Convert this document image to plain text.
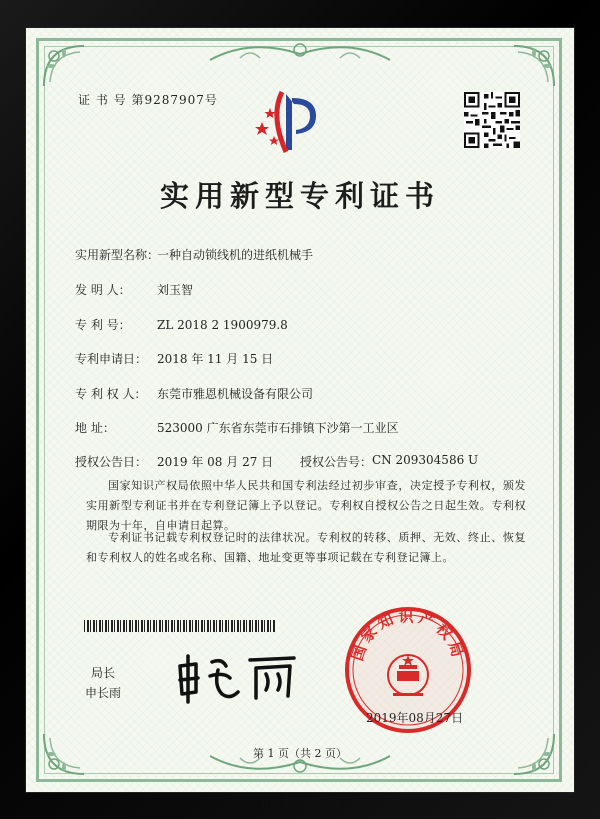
证 书 号 第9287907号
实用新型专利证书
实用新型名称：一种自动锁线机的进纸机械手
发 明 人： 刘玉智
专 利 号： ZL 2018 2 1900979.8
专利申请日： 2018 年 11 月 15 日
专 利 权 人： 东莞市雅恩机械设备有限公司
地 址：	523000 广东省东莞市石排镇下沙第一工业区
授权公告日： 2019 年 08 月 27 日 授权公告号： CN 209304586 U
国家知识产权局依照中华人民共和国专利法经过初步审查，决定授予专利权，颁发实用新型专利证书并在专利登记簿上予以登记。专利权自授权公告之日起生效。专利权期限为十年，自申请日起算。
专利证书记载专利权登记时的法律状况。专利权的转移、质押、无效、终止、恢复和专利权人的姓名或名称、国籍、地址变更等事项记载在专利登记簿上。
局长
申长雨
国家知识产权局
2019年08月27日
第 1 页（共 2 页）
其他事项参见背面
